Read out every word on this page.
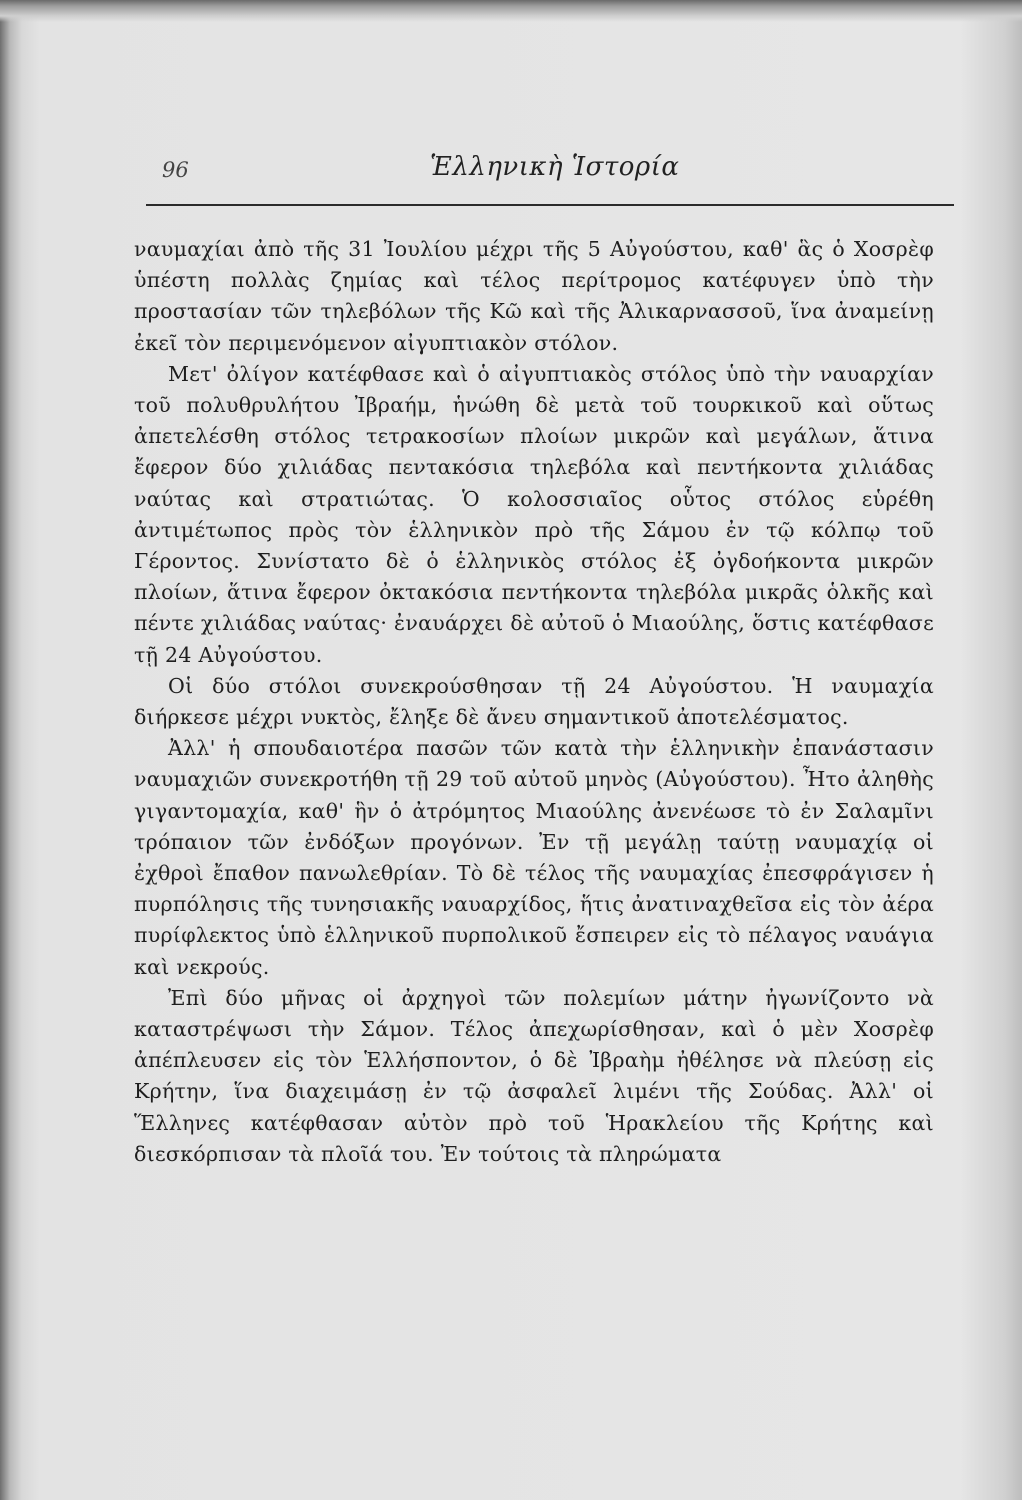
96	Ἑλληνικὴ Ἱστορία

ναυμαχίαι ἀπὸ τῆς 31 Ἰουλίου μέχρι τῆς 5 Αὐγούστου, καθ' ἃς ὁ Χοσρὲφ ὑπέστη πολλὰς ζημίας καὶ τέλος περίτρομος κατέφυγεν ὑπὸ τὴν προστασίαν τῶν τηλεβόλων τῆς Κῶ καὶ τῆς Ἀλικαρνασσοῦ, ἵνα ἀναμείνῃ ἐκεῖ τὸν περιμενόμενον αἰγυπτιακὸν στόλον.

Μετ' ὀλίγον κατέφθασε καὶ ὁ αἰγυπτιακὸς στόλος ὑπὸ τὴν ναυαρχίαν τοῦ πολυθρυλήτου Ἰβραήμ, ἡνώθη δὲ μετὰ τοῦ τουρκικοῦ καὶ οὕτως ἀπετελέσθη στόλος τετρακοσίων πλοίων μικρῶν καὶ μεγάλων, ἅτινα ἔφερον δύο χιλιάδας πεντακόσια τηλεβόλα καὶ πεντήκοντα χιλιάδας ναύτας καὶ στρατιώτας. Ὁ κολοσσιαῖος οὗτος στόλος εὑρέθη ἀντιμέτωπος πρὸς τὸν ἑλληνικὸν πρὸ τῆς Σάμου ἐν τῷ κόλπῳ τοῦ Γέροντος. Συνίστατο δὲ ὁ ἑλληνικὸς στόλος ἐξ ὀγδοήκοντα μικρῶν πλοίων, ἅτινα ἔφερον ὀκτακόσια πεντήκοντα τηλεβόλα μικρᾶς ὁλκῆς καὶ πέντε χιλιάδας ναύτας· ἐναυάρχει δὲ αὐτοῦ ὁ Μιαούλης, ὅστις κατέφθασε τῇ 24 Αὐγούστου.

Οἱ δύο στόλοι συνεκρούσθησαν τῇ 24 Αὐγούστου. Ἡ ναυμαχία διήρκεσε μέχρι νυκτὸς, ἔληξε δὲ ἄνευ σημαντικοῦ ἀποτελέσματος.

Ἀλλ' ἡ σπουδαιοτέρα πασῶν τῶν κατὰ τὴν ἑλληνικὴν ἐπανάστασιν ναυμαχιῶν συνεκροτήθη τῇ 29 τοῦ αὐτοῦ μηνὸς (Αὐγούστου). Ἦτο ἀληθὴς γιγαντομαχία, καθ' ἣν ὁ ἀτρόμητος Μιαούλης ἀνενέωσε τὸ ἐν Σαλαμῖνι τρόπαιον τῶν ἐνδόξων προγόνων. Ἐν τῇ μεγάλῃ ταύτῃ ναυμαχίᾳ οἱ ἐχθροὶ ἔπαθον πανωλεθρίαν. Τὸ δὲ τέλος τῆς ναυμαχίας ἐπεσφράγισεν ἡ πυρπόλησις τῆς τυνησιακῆς ναυαρχίδος, ἥτις ἀνατιναχθεῖσα εἰς τὸν ἀέρα πυρίφλεκτος ὑπὸ ἑλληνικοῦ πυρπολικοῦ ἔσπειρεν εἰς τὸ πέλαγος ναυάγια καὶ νεκρούς.

Ἐπὶ δύο μῆνας οἱ ἀρχηγοὶ τῶν πολεμίων μάτην ἠγωνίζοντο νὰ καταστρέψωσι τὴν Σάμον. Τέλος ἀπεχωρίσθησαν, καὶ ὁ μὲν Χοσρὲφ ἀπέπλευσεν εἰς τὸν Ἑλλήσποντον, ὁ δὲ Ἰβραὴμ ἠθέλησε νὰ πλεύσῃ εἰς Κρήτην, ἵνα διαχειμάσῃ ἐν τῷ ἀσφαλεῖ λιμένι τῆς Σούδας. Ἀλλ' οἱ Ἕλληνες κατέφθασαν αὐτὸν πρὸ τοῦ Ἡρακλείου τῆς Κρήτης καὶ διεσκόρπισαν τὰ πλοῖά του. Ἐν τούτοις τὰ πληρώματα
